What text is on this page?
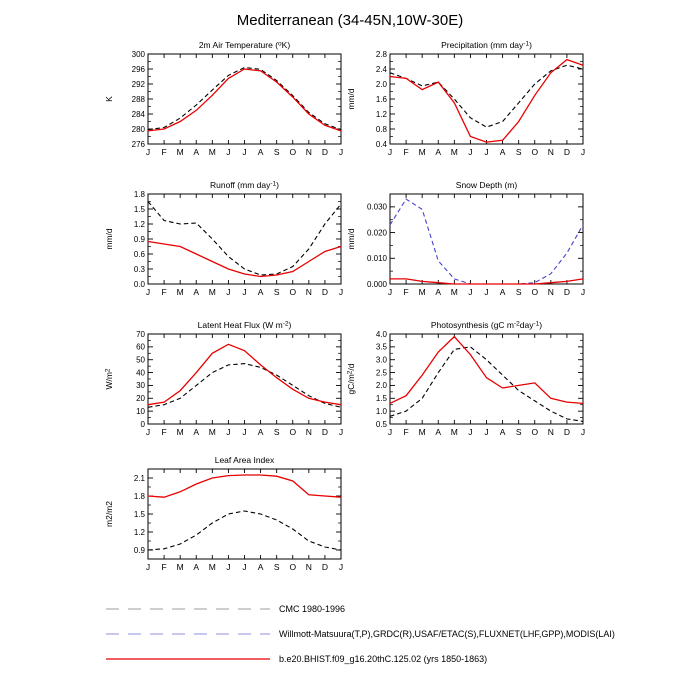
Mediterranean (34-45N,10W-30E)
2m Air Temperature ($^o$K)
K
276
280
284
288
292
296
300
J F M A M J J A S O N D J
Precipitation (mm day$^{-1}$)
mm/d
0.4
0.8
1.2
1.6
2.0
2.4
2.8
J F M A M J J A S O N D J
Runoff (mm day$^{-1}$)
mm/d
0.0
0.3
0.6
0.9
1.2
1.5
1.8
J F M A M J J A S O N D J
Snow Depth (m)
mm/d
0.000
0.010
0.020
0.030
J F M A M J J A S O N D J
Latent Heat Flux (W $m^{-2}$)
$W/m^2$
0
10
20
30
40
50
60
70
J F M A M J J A S O N D J
Photosynthesis (gC $m^{-2}day^{-1}$)
$gC/m^2/d$
0.5
1.0
1.5
2.0
2.5
3.0
3.5
4.0
J F M A M J J A S O N D J
Leaf Area Index
m2/m2
0.9
1.2
1.5
1.8
2.1
J F M A M J J A S O N D J
CMC 1980-1996
Willmott-Matsuura(T,P),GRDC(R),USAF/ETAC(S),FLUXNET(LHF,GPP),MODIS(LAI)
b.e20.BHIST.f09_g16.20thC.125.02 (yrs 1850-1863)
